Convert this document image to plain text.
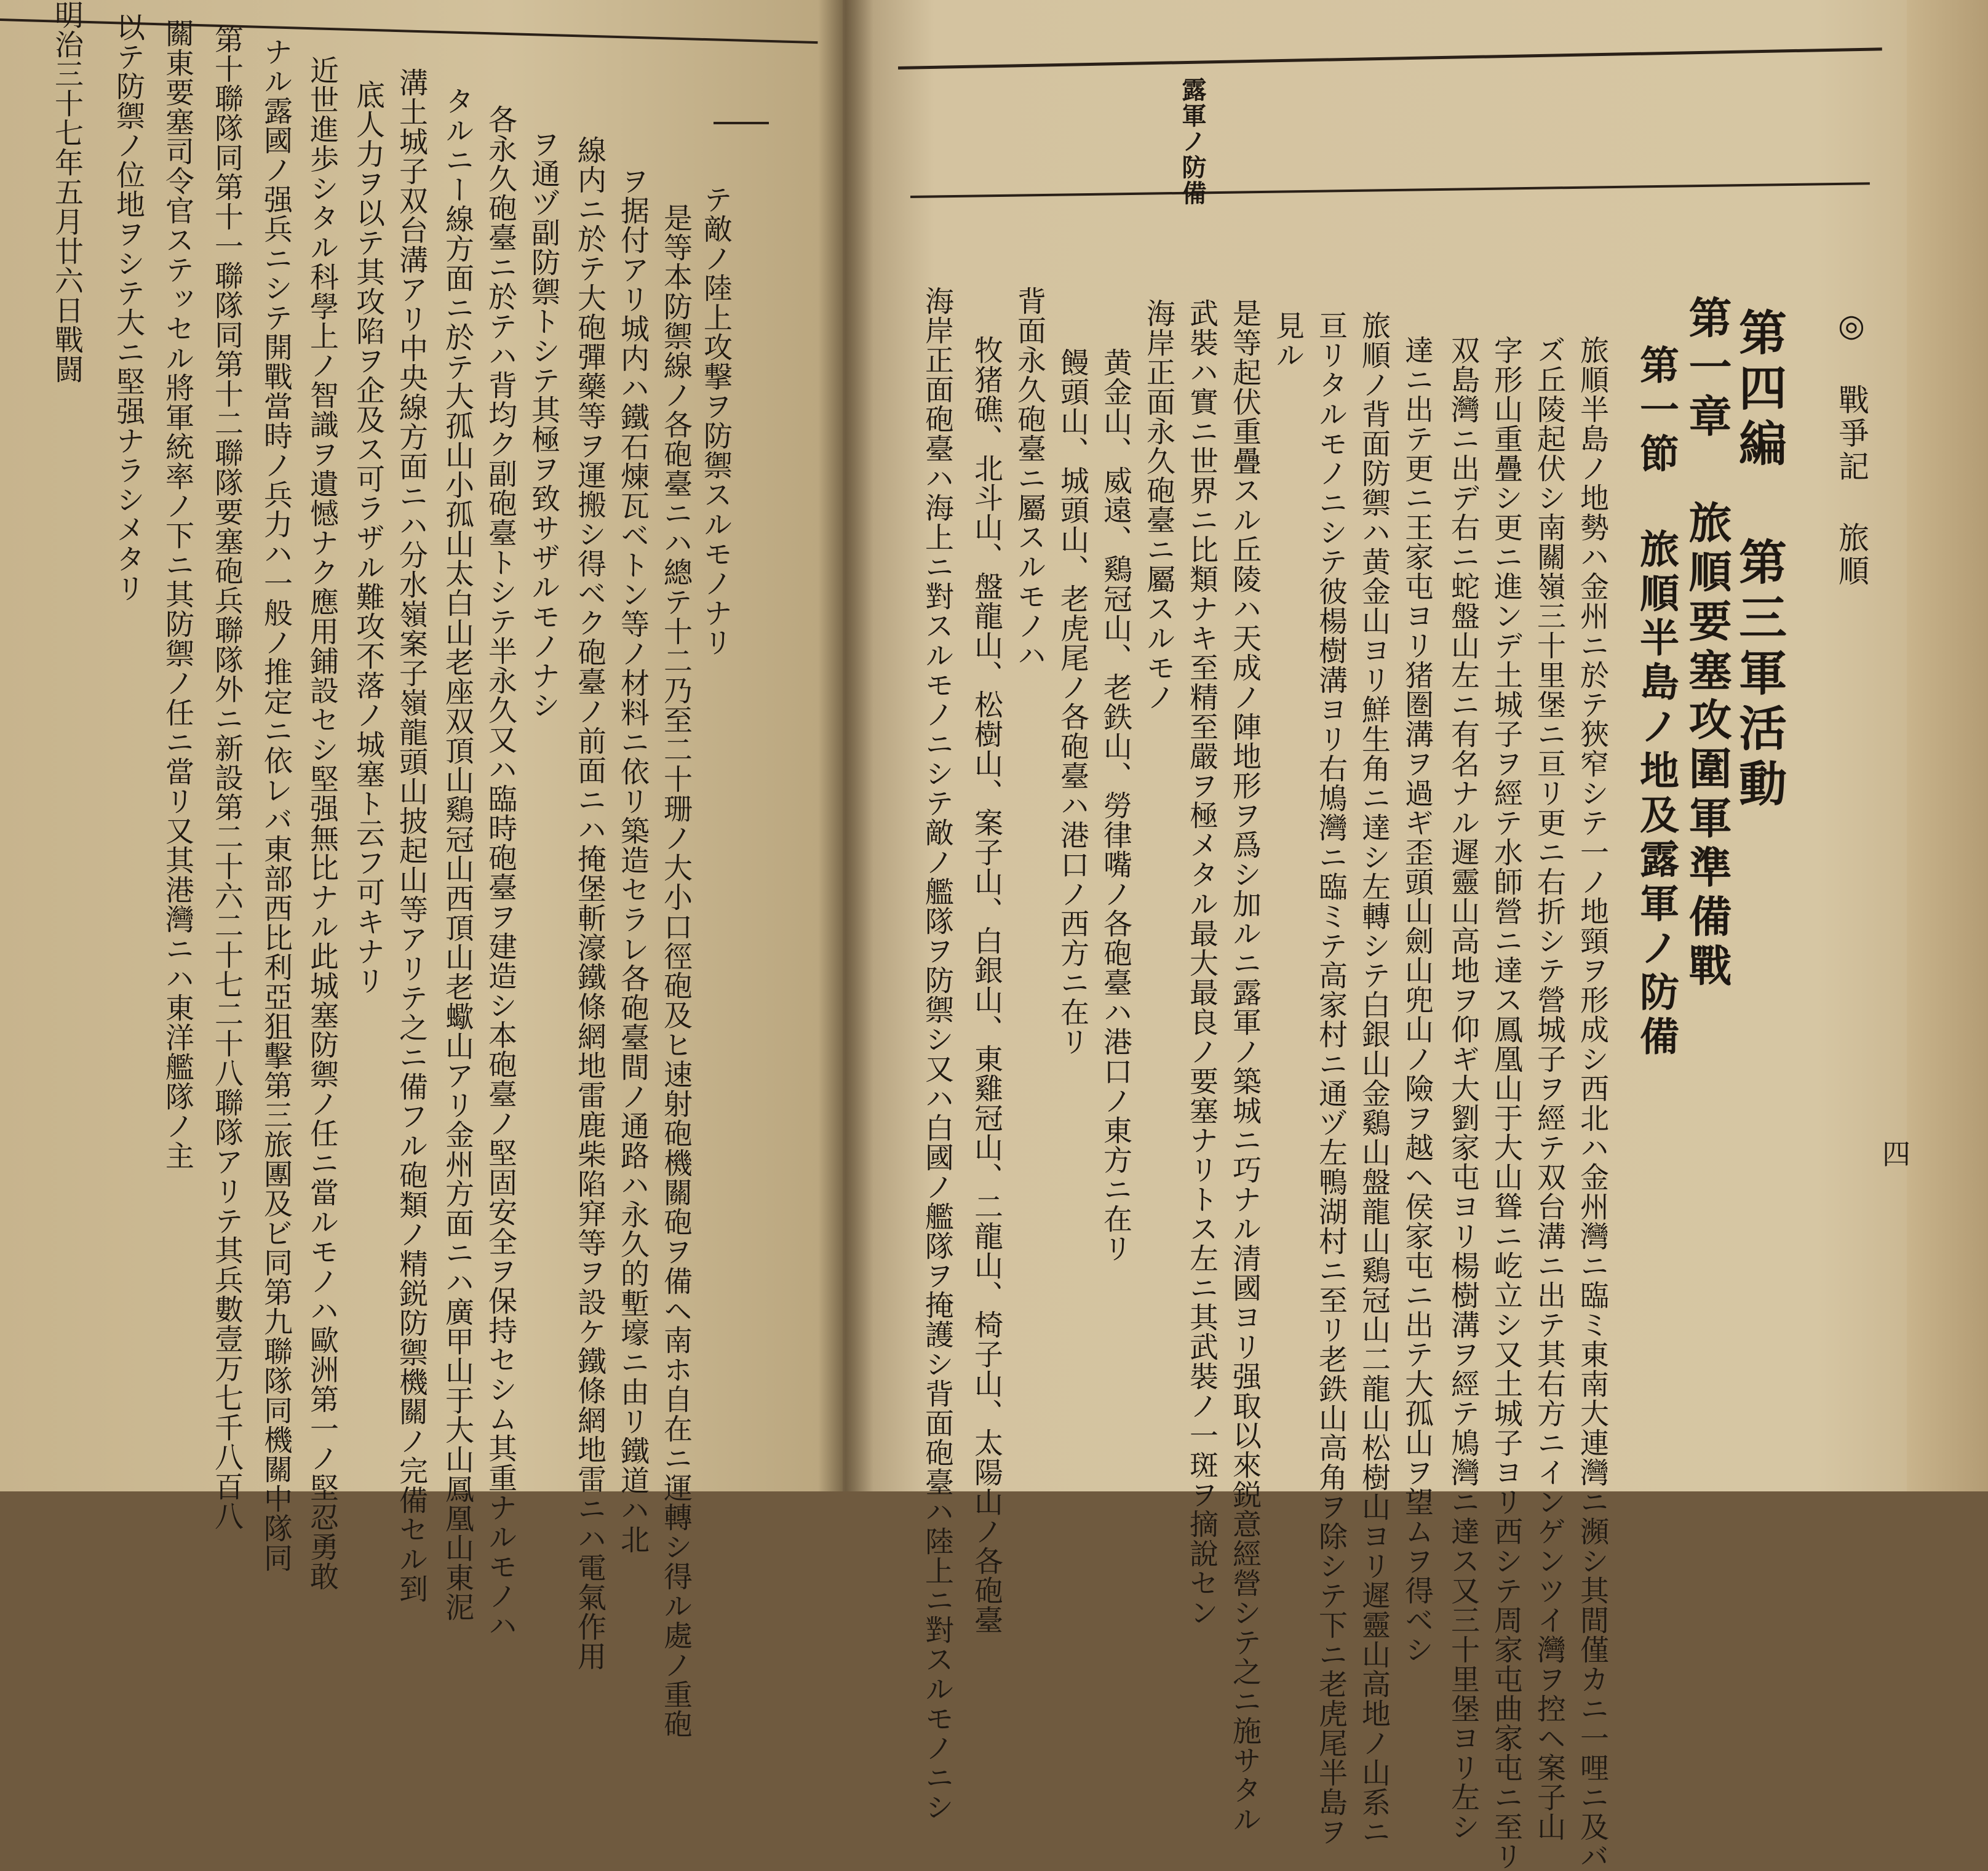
テ敵ノ陸上攻撃ヲ防禦スルモノナリ
是等本防禦線ノ各砲臺ニハ總テ十二乃至二十珊ノ大小口徑砲及ヒ速射砲機關砲ヲ備ヘ南ホ自在ニ運轉シ得ル處ノ重砲
ヲ据付アリ城内ハ鐵石煉瓦ベトン等ノ材料ニ依リ築造セラレ各砲臺間ノ通路ハ永久的塹壕ニ由リ鐵道ハ北
線内ニ於テ大砲彈藥等ヲ運搬シ得ベク砲臺ノ前面ニハ掩堡斬濠鐵條網地雷鹿柴陷穽等ヲ設ケ鐵條網地雷ニハ電氣作用
ヲ通ヅ副防禦トシテ其極ヲ致サザルモノナシ
各永久砲臺ニ於テハ背均ク副砲臺トシテ半永久又ハ臨時砲臺ヲ建造シ本砲臺ノ堅固安全ヲ保持セシム其重ナルモノハ
タルニー線方面ニ於テ大孤山小孤山太白山老座双頂山鷄冠山西頂山老蠍山アリ金州方面ニハ廣甲山于大山鳳凰山東泥
溝土城子双台溝アリ中央線方面ニハ分水嶺案子嶺龍頭山披起山等アリテ之ニ備フル砲類ノ精鋭防禦機關ノ完備セル到
底人力ヲ以テ其攻陷ヲ企及ス可ラザル難攻不落ノ城塞ト云フ可キナリ
近世進歩シタル科學上ノ智識ヲ遺憾ナク應用鋪設セシ堅强無比ナル此城塞防禦ノ任ニ當ルモノハ歐洲第一ノ堅忍勇敢
ナル露國ノ强兵ニシテ開戰當時ノ兵力ハ一般ノ推定ニ依レバ東部西比利亞狙擊第三旅團及ビ同第九聯隊同機關中隊同
第十聯隊同第十一聯隊同第十二聯隊要塞砲兵聯隊外ニ新設第二十六二十七二十八聯隊アリテ其兵數壹万七千八百八
關東要塞司令官ステッセル將軍統率ノ下ニ其防禦ノ任ニ當リ又其港灣ニハ東洋艦隊ノ主
以テ防禦ノ位地ヲシテ大ニ堅强ナラシメタリ
明治三十七年五月廿六日戰闘
◎ 戰爭記 旅順
露軍ノ防備
第四編 第三軍活動
第一章 旅順要塞攻圍軍準備戰
第一節 旅順半島ノ地及露軍ノ防備
四
旅順半島ノ地勢ハ金州ニ於テ狹窄シテ一ノ地頸ヲ形成シ西北ハ金州灣ニ臨ミ東南大連灣ニ瀕シ其間僅カニ一哩ニ及バ
ズ丘陵起伏シ南關嶺三十里堡ニ亘リ更ニ右折シテ營城子ヲ經テ双台溝ニ出テ其右方ニインゲンツイ灣ヲ控ヘ案子山
字形山重疊シ更ニ進ンデ土城子ヲ經テ水師營ニ達ス鳳凰山于大山聳ニ屹立シ又土城子ヨリ西シテ周家屯曲家屯ニ至リ
双島灣ニ出デ右ニ蛇盤山左ニ有名ナル遲靈山高地ヲ仰ギ大劉家屯ヨリ楊樹溝ヲ經テ鳩灣ニ達ス又三十里堡ヨリ左シ
達ニ出テ更ニ王家屯ヨリ猪圏溝ヲ過ギ歪頭山劍山兜山ノ險ヲ越ヘ侯家屯ニ出テ大孤山ヲ望ムヲ得ベシ
旅順ノ背面防禦ハ黄金山ヨリ鮮生角ニ達シ左轉シテ白銀山金鷄山盤龍山鷄冠山二龍山松樹山ヨリ遲靈山高地ノ山系ニ
亘リタルモノニシテ彼楊樹溝ヨリ右鳩灣ニ臨ミテ高家村ニ通ヅ左鴨湖村ニ至リ老鉄山高角ヲ除シテ下ニ老虎尾半島ヲ
見ル
是等起伏重疊スル丘陵ハ天成ノ陣地形ヲ爲シ加ルニ露軍ノ築城ニ巧ナル清國ヨリ强取以來鋭意經營シテ之ニ施サタル
武裝ハ實ニ世界ニ比類ナキ至精至嚴ヲ極メタル最大最良ノ要塞ナリトス左ニ其武裝ノ一斑ヲ摘說セン
海岸正面永久砲臺ニ屬スルモノ
黄金山、威遠、鷄冠山、老鉄山、勞律嘴ノ各砲臺ハ港口ノ東方ニ在リ
饅頭山、城頭山、老虎尾ノ各砲臺ハ港口ノ西方ニ在リ
背面永久砲臺ニ屬スルモノハ
牧猪礁、北斗山、盤龍山、松樹山、案子山、白銀山、東雞冠山、二龍山、椅子山、太陽山ノ各砲臺
海岸正面砲臺ハ海上ニ對スルモノニシテ敵ノ艦隊ヲ防禦シ又ハ白國ノ艦隊ヲ掩護シ背面砲臺ハ陸上ニ對スルモノニシ
